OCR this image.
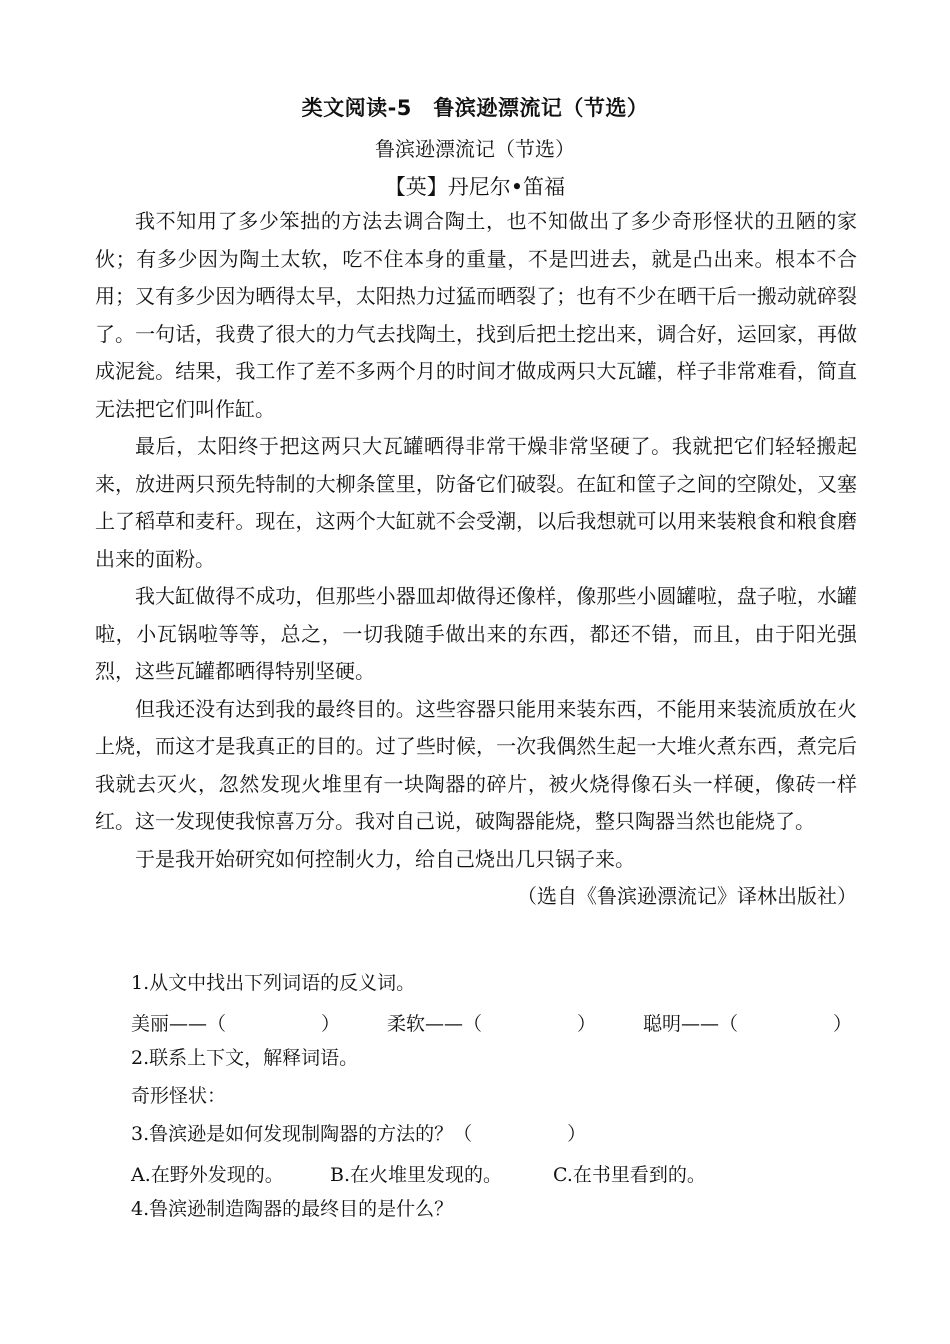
类文阅读-5　鲁滨逊漂流记（节选）
鲁滨逊漂流记（节选）
【英】丹尼尔•笛福

我不知用了多少笨拙的方法去调合陶土，也不知做出了多少奇形怪状的丑陋的家伙；有多少因为陶土太软，吃不住本身的重量，不是凹进去，就是凸出来。根本不合用；又有多少因为晒得太早，太阳热力过猛而晒裂了；也有不少在晒干后一搬动就碎裂了。一句话，我费了很大的力气去找陶土，找到后把土挖出来，调合好，运回家，再做成泥瓮。结果，我工作了差不多两个月的时间才做成两只大瓦罐，样子非常难看，简直无法把它们叫作缸。

最后，太阳终于把这两只大瓦罐晒得非常干燥非常坚硬了。我就把它们轻轻搬起来，放进两只预先特制的大柳条筐里，防备它们破裂。在缸和筐子之间的空隙处，又塞上了稻草和麦秆。现在，这两个大缸就不会受潮，以后我想就可以用来装粮食和粮食磨出来的面粉。

我大缸做得不成功，但那些小器皿却做得还像样，像那些小圆罐啦，盘子啦，水罐啦，小瓦锅啦等等，总之，一切我随手做出来的东西，都还不错，而且，由于阳光强烈，这些瓦罐都晒得特别坚硬。

但我还没有达到我的最终目的。这些容器只能用来装东西，不能用来装流质放在火上烧，而这才是我真正的目的。过了些时候，一次我偶然生起一大堆火煮东西，煮完后我就去灭火，忽然发现火堆里有一块陶器的碎片，被火烧得像石头一样硬，像砖一样红。这一发现使我惊喜万分。我对自己说，破陶器能烧，整只陶器当然也能烧了。

于是我开始研究如何控制火力，给自己烧出几只锅子来。

（选自《鲁滨逊漂流记》译林出版社）

1.从文中找出下列词语的反义词。
美丽——（　　　　　） 柔软——（　　　　　） 聪明——（　　　　　）
2.联系上下文，解释词语。
奇形怪状：
3.鲁滨逊是如何发现制陶器的方法的？（　　　　　）
A.在野外发现的。 B.在火堆里发现的。	C.在书里看到的。
4.鲁滨逊制造陶器的最终目的是什么？
